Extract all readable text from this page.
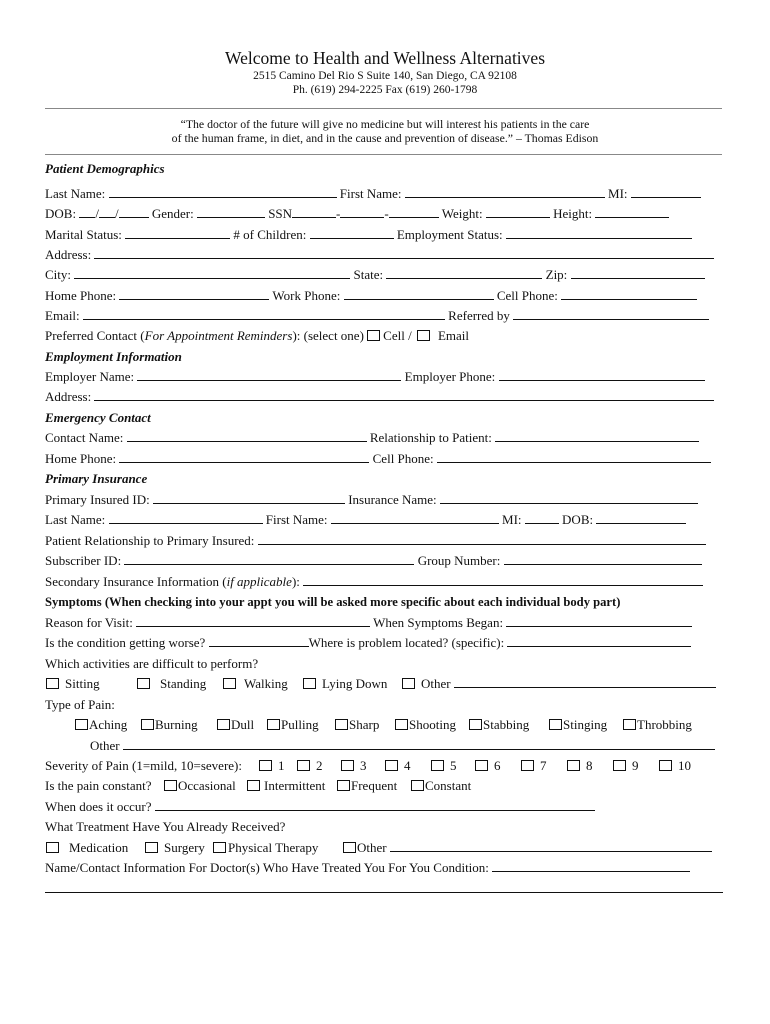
Welcome to Health and Wellness Alternatives
2515 Camino Del Rio S Suite 140, San Diego, CA 92108
Ph. (619) 294-2225 Fax (619) 260-1798
“The doctor of the future will give no medicine but will interest his patients in the care
of the human frame, in diet, and in the cause and prevention of disease.” – Thomas Edison
Patient Demographics
Last Name:	First Name:	MI:
DOB: / /	Gender:	SSN	-	-	Weight:	Height:
Marital Status:	# of Children:	Employment Status:
Address:
City:	State:	Zip:
Home Phone:	Work Phone:	Cell Phone:
Email:	Referred by
Preferred Contact (For Appointment Reminders): (select one) Cell / Email
Employment Information
Employer Name:	Employer Phone:
Address:
Emergency Contact
Contact Name:	Relationship to Patient:
Home Phone:	Cell Phone:
Primary Insurance
Primary Insured ID:	Insurance Name:
Last Name:	First Name:	MI:	DOB:
Patient Relationship to Primary Insured:
Subscriber ID:	Group Number:
Secondary Insurance Information (if applicable):
Symptoms (When checking into your appt you will be asked more specific about each individual body part)
Reason for Visit:	When Symptoms Began:
Is the condition getting worse?	Where is problem located? (specific):
Which activities are difficult to perform?
Sitting	Standing	Walking	Lying Down	Other
Type of Pain:
Aching	Burning	Dull	Pulling	Sharp	Shooting	Stabbing	Stinging	Throbbing
Other
Severity of Pain (1=mild, 10=severe):	1	2	3	4	5	6	7	8	9	10
Is the pain constant?	Occasional	Intermittent	Frequent	Constant
When does it occur?
What Treatment Have You Already Received?
Medication	Surgery	Physical Therapy	Other
Name/Contact Information For Doctor(s) Who Have Treated You For You Condition:
